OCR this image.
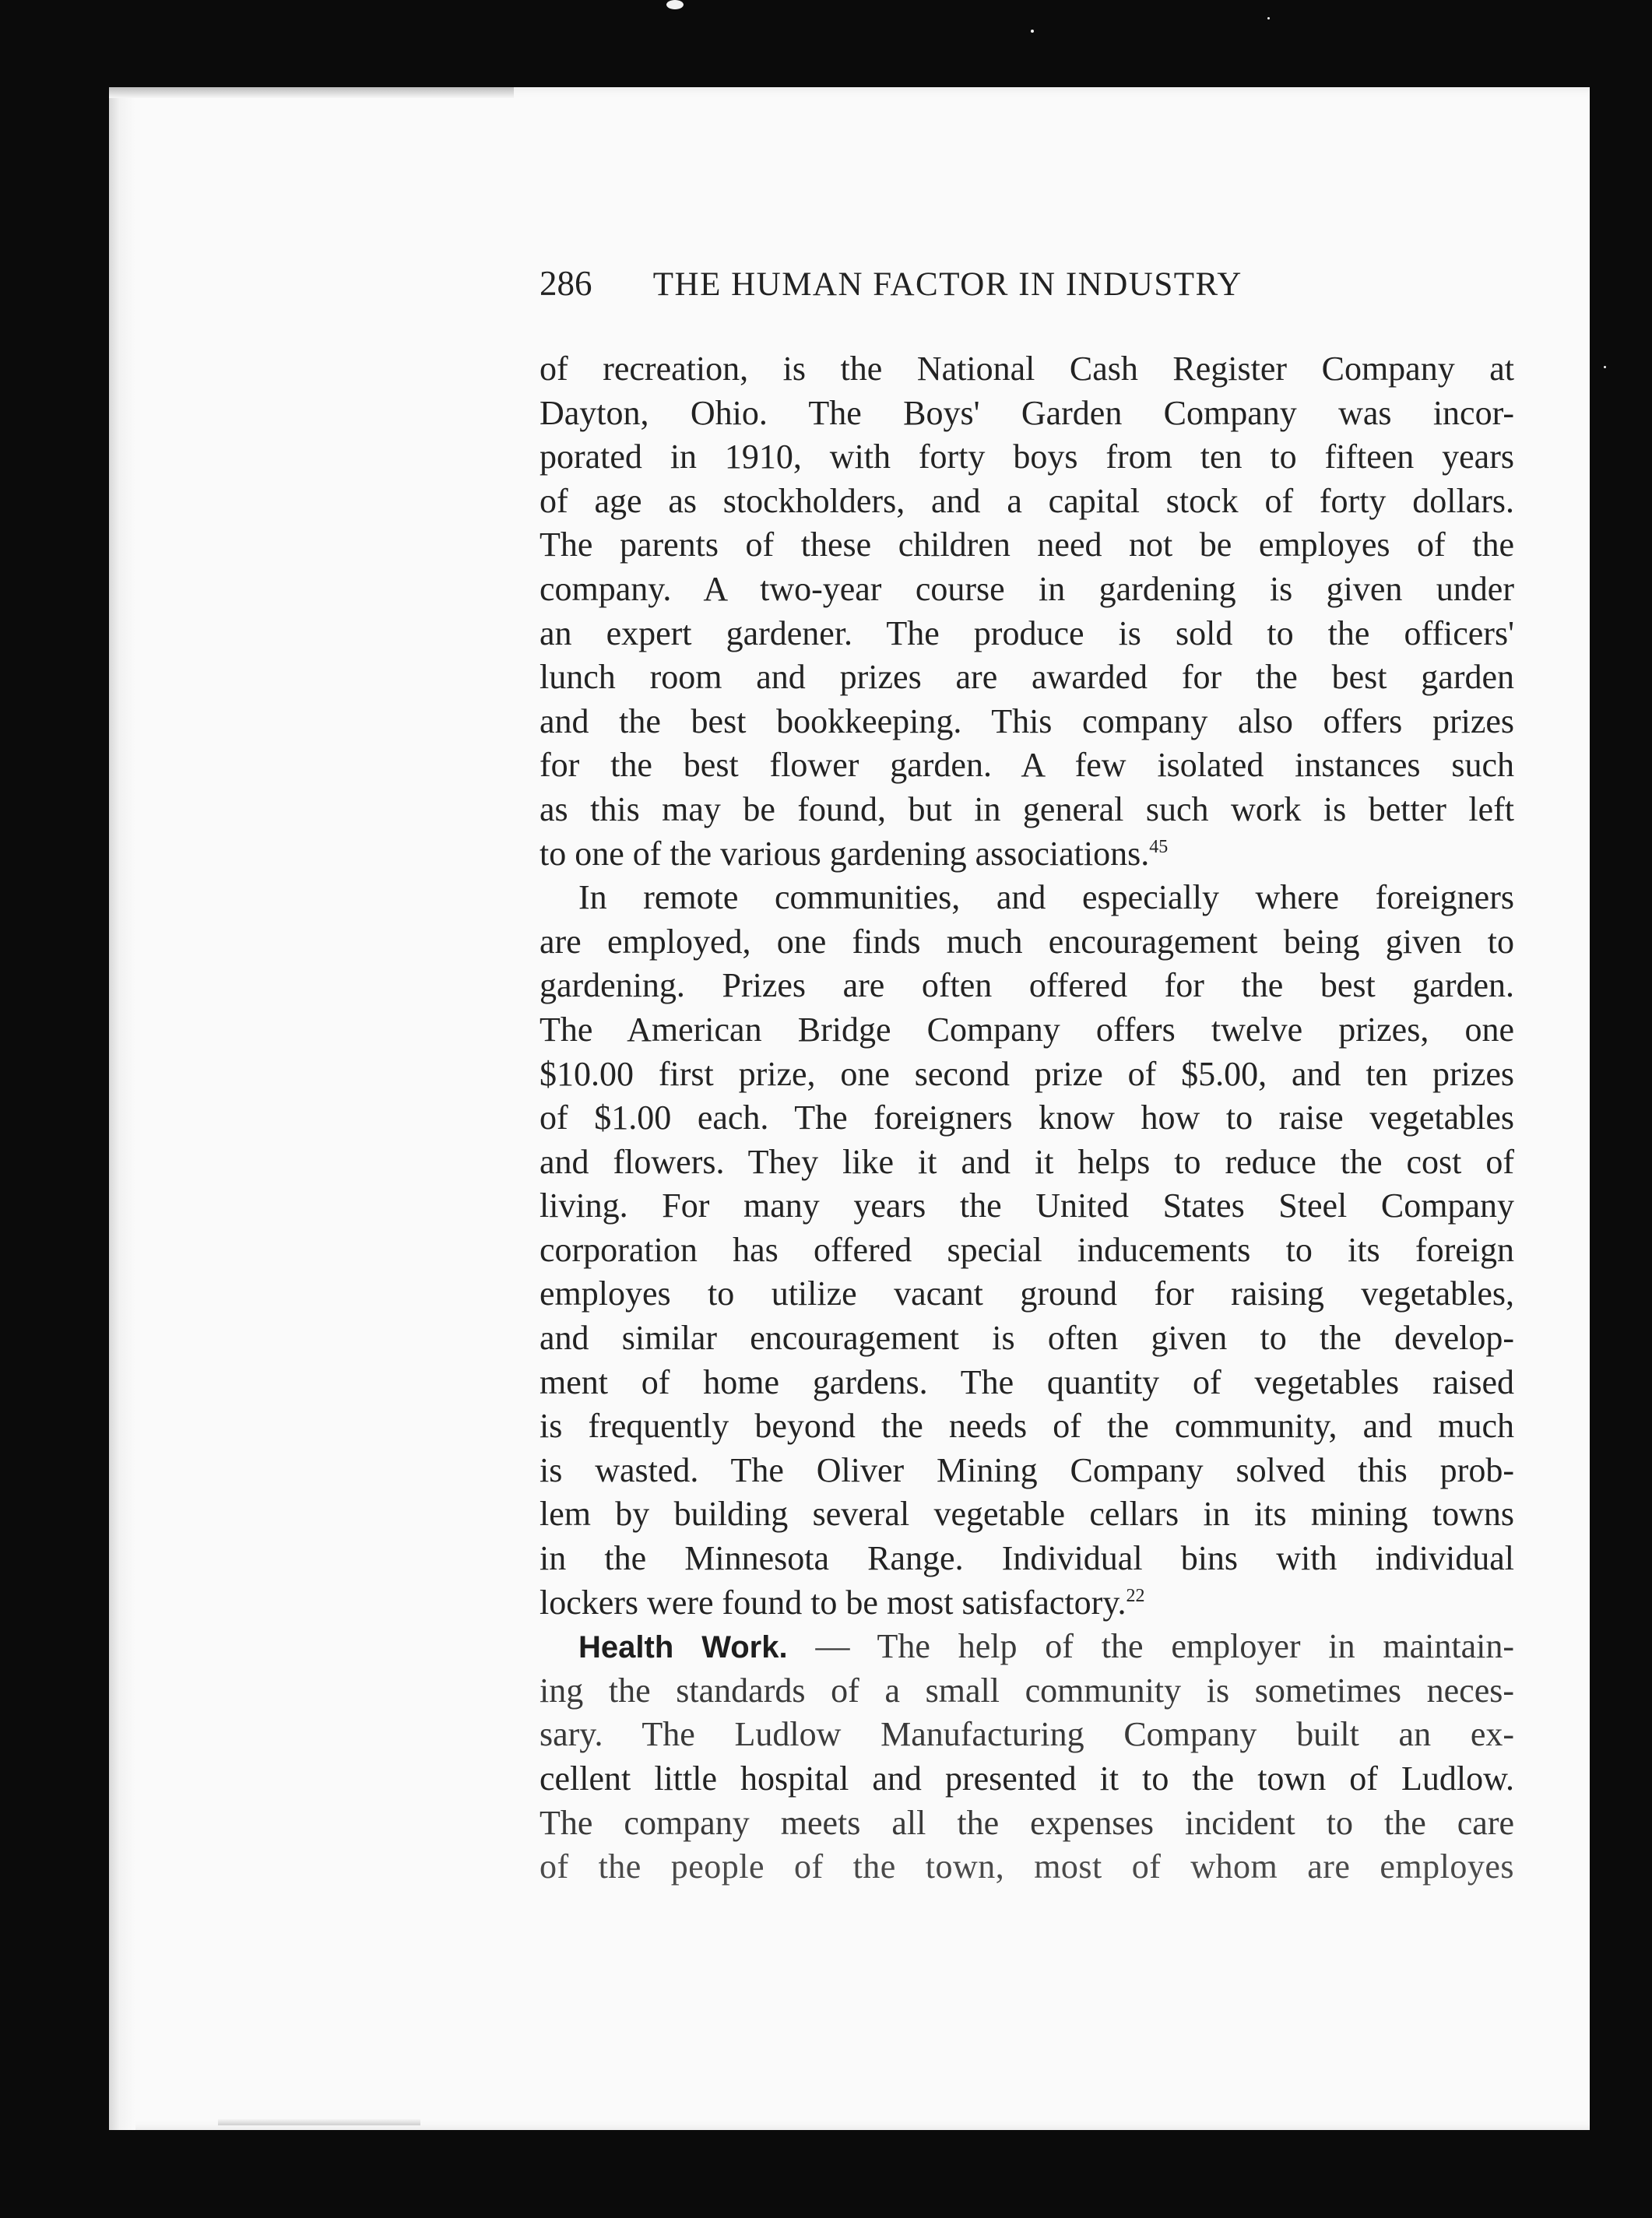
286 THE HUMAN FACTOR IN INDUSTRY
of recreation, is the National Cash Register Company at
Dayton, Ohio. The Boys' Garden Company was incor-
porated in 1910, with forty boys from ten to fifteen years
of age as stockholders, and a capital stock of forty dollars.
The parents of these children need not be employes of the
company. A two-year course in gardening is given under
an expert gardener. The produce is sold to the officers'
lunch room and prizes are awarded for the best garden
and the best bookkeeping. This company also offers prizes
for the best flower garden. A few isolated instances such
as this may be found, but in general such work is better left
to one of the various gardening associations.$^{45}$
In remote communities, and especially where foreigners
are employed, one finds much encouragement being given to
gardening. Prizes are often offered for the best garden.
The American Bridge Company offers twelve prizes, one
$10.00 first prize, one second prize of $5.00, and ten prizes
of $1.00 each. The foreigners know how to raise vegetables
and flowers. They like it and it helps to reduce the cost of
living. For many years the United States Steel Company
corporation has offered special inducements to its foreign
employes to utilize vacant ground for raising vegetables,
and similar encouragement is often given to the develop-
ment of home gardens. The quantity of vegetables raised
is frequently beyond the needs of the community, and much
is wasted. The Oliver Mining Company solved this prob-
lem by building several vegetable cellars in its mining towns
in the Minnesota Range. Individual bins with individual
lockers were found to be most satisfactory.$^{22}$
Health Work. — The help of the employer in maintain-
ing the standards of a small community is sometimes neces-
sary. The Ludlow Manufacturing Company built an ex-
cellent little hospital and presented it to the town of Ludlow.
The company meets all the expenses incident to the care
of the people of the town, most of whom are employes
